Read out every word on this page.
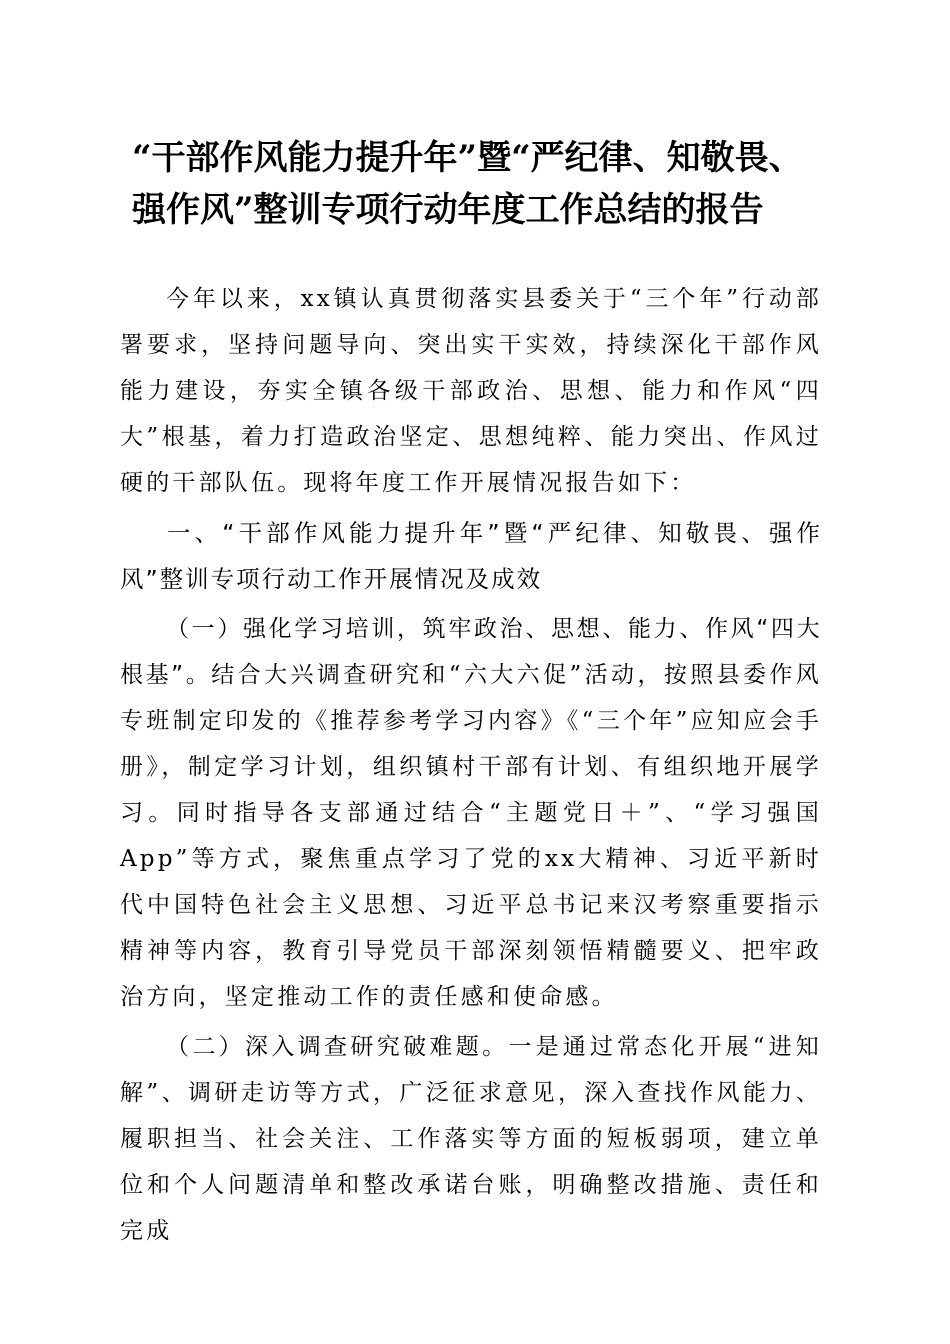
“干部作风能力提升年”暨“严纪律、知敬畏、
强作风”整训专项行动年度工作总结的报告

今年以来，xx镇认真贯彻落实县委关于“三个年”行动部署要求，坚持问题导向、突出实干实效，持续深化干部作风能力建设，夯实全镇各级干部政治、思想、能力和作风“四大”根基，着力打造政治坚定、思想纯粹、能力突出、作风过硬的干部队伍。现将年度工作开展情况报告如下：

一、“干部作风能力提升年”暨“严纪律、知敬畏、强作风”整训专项行动工作开展情况及成效

（一）强化学习培训，筑牢政治、思想、能力、作风“四大根基”。结合大兴调查研究和“六大六促”活动，按照县委作风专班制定印发的《推荐参考学习内容》《“三个年”应知应会手册》，制定学习计划，组织镇村干部有计划、有组织地开展学习。同时指导各支部通过结合“主题党日＋”、“学习强国App”等方式，聚焦重点学习了党的xx大精神、习近平新时代中国特色社会主义思想、习近平总书记来汉考察重要指示精神等内容，教育引导党员干部深刻领悟精髓要义、把牢政治方向，坚定推动工作的责任感和使命感。

（二）深入调查研究破难题。一是通过常态化开展“进知解”、调研走访等方式，广泛征求意见，深入查找作风能力、履职担当、社会关注、工作落实等方面的短板弱项，建立单位和个人问题清单和整改承诺台账，明确整改措施、责任和完成
